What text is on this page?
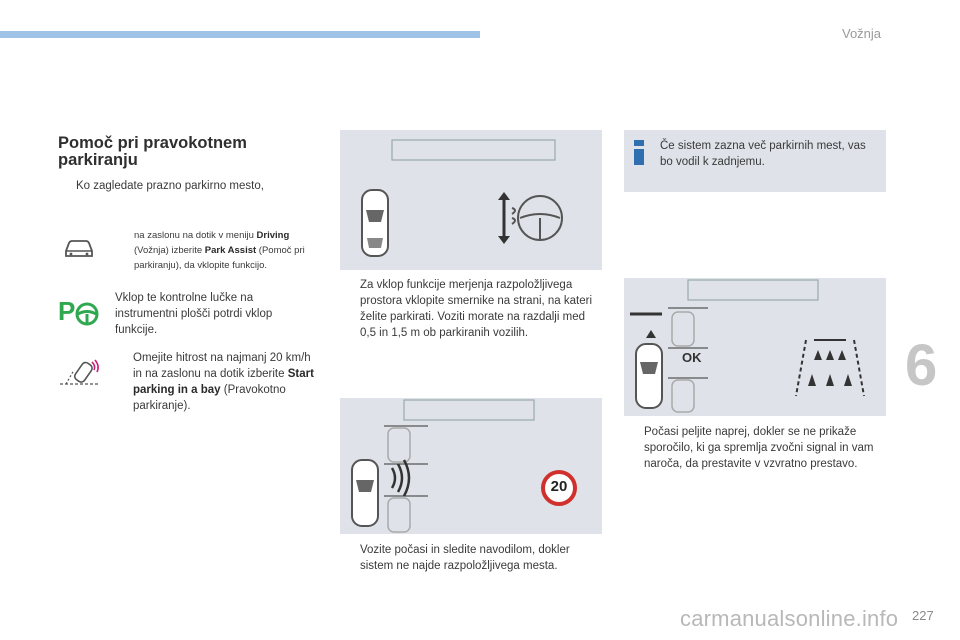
Vožnja
6
227
carmanualsonline.info
Pomoč pri pravokotnem parkiranju
Ko zagledate prazno parkirno mesto,
na zaslonu na dotik v meniju Driving (Vožnja) izberite Park Assist (Pomoč pri parkiranju), da vklopite funkcijo.
P	Vklop te kontrolne lučke na instrumentni plošči potrdi vklop funkcije.
Omejite hitrost na najmanj 20 km/h in na zaslonu na dotik izberite Start parking in a bay (Pravokotno parkiranje).
Za vklop funkcije merjenja razpoložljivega prostora vklopite smernike na strani, na kateri želite parkirati. Voziti morate na razdalji med 0,5 in 1,5 m ob parkiranih vozilih.
20
Vozite počasi in sledite navodilom, dokler sistem ne najde razpoložljivega mesta.
Če sistem zazna več parkirnih mest, vas bo vodil k zadnjemu.
OK
Počasi peljite naprej, dokler se ne prikaže sporočilo, ki ga spremlja zvočni signal in vam naroča, da prestavite v vzvratno prestavo.
